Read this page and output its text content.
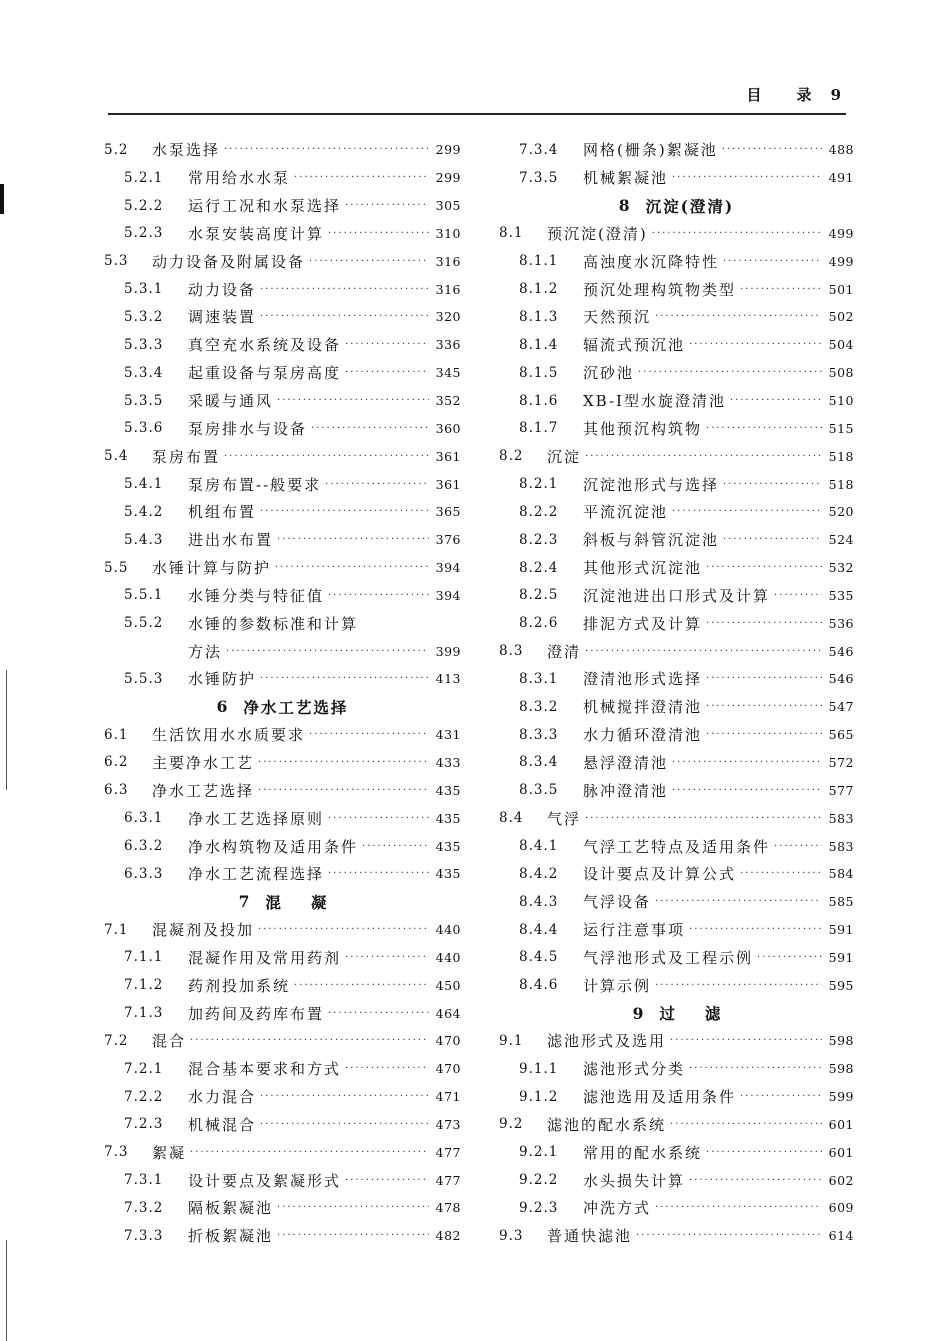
目 录 9
5.2	水泵选择 ·····	299
5.2.1	常用给水水泵 ·····	299
5.2.2	运行工况和水泵选择 ·····	305
5.2.3	水泵安装高度计算 ·····	310
5.3	动力设备及附属设备 ·····	316
5.3.1	动力设备 ·····	316
5.3.2	调速装置 ·····	320
5.3.3	真空充水系统及设备 ·····	336
5.3.4	起重设备与泵房高度 ·····	345
5.3.5	采暖与通风 ·····	352
5.3.6	泵房排水与设备 ·····	360
5.4	泵房布置 ·····	361
5.4.1	泵房布置--般要求 ·····	361
5.4.2	机组布置 ·····	365
5.4.3	进出水布置 ·····	376
5.5	水锤计算与防护 ·····	394
5.5.1	水锤分类与特征值 ·····	394
5.5.2	水锤的参数标准和计算
方法 ·····	399
5.5.3	水锤防护 ·····	413
6 净水工艺选择
6.1	生活饮用水水质要求 ·····	431
6.2	主要净水工艺 ·····	433
6.3	净水工艺选择 ·····	435
6.3.1	净水工艺选择原则 ·····	435
6.3.2	净水构筑物及适用条件 ·····	435
6.3.3	净水工艺流程选择 ·····	435
7 混凝
7.1	混凝剂及投加 ·····	440
7.1.1	混凝作用及常用药剂 ·····	440
7.1.2	药剂投加系统 ·····	450
7.1.3	加药间及药库布置 ·····	464
7.2	混合 ·····	470
7.2.1	混合基本要求和方式 ·····	470
7.2.2	水力混合 ·····	471
7.2.3	机械混合 ·····	473
7.3	絮凝 ·····	477
7.3.1	设计要点及絮凝形式 ·····	477
7.3.2	隔板絮凝池 ·····	478
7.3.3	折板絮凝池 ·····	482
7.3.4	网格(栅条)絮凝池 ·····	488
7.3.5	机械絮凝池 ·····	491
8 沉淀(澄清)
8.1	预沉淀(澄清) ·····	499
8.1.1	高浊度水沉降特性 ·····	499
8.1.2	预沉处理构筑物类型 ·····	501
8.1.3	天然预沉 ·····	502
8.1.4	辐流式预沉池 ·····	504
8.1.5	沉砂池 ·····	508
8.1.6	XB-Ⅰ型水旋澄清池 ·····	510
8.1.7	其他预沉构筑物 ·····	515
8.2	沉淀 ·····	518
8.2.1	沉淀池形式与选择 ·····	518
8.2.2	平流沉淀池 ·····	520
8.2.3	斜板与斜管沉淀池 ·····	524
8.2.4	其他形式沉淀池 ·····	532
8.2.5	沉淀池进出口形式及计算 ·····	535
8.2.6	排泥方式及计算 ·····	536
8.3	澄清 ·····	546
8.3.1	澄清池形式选择 ·····	546
8.3.2	机械搅拌澄清池 ·····	547
8.3.3	水力循环澄清池 ·····	565
8.3.4	悬浮澄清池 ·····	572
8.3.5	脉冲澄清池 ·····	577
8.4	气浮 ·····	583
8.4.1	气浮工艺特点及适用条件 ·····	583
8.4.2	设计要点及计算公式 ·····	584
8.4.3	气浮设备 ·····	585
8.4.4	运行注意事项 ·····	591
8.4.5	气浮池形式及工程示例 ·····	591
8.4.6	计算示例 ·····	595
9 过滤
9.1	滤池形式及选用 ·····	598
9.1.1	滤池形式分类 ·····	598
9.1.2	滤池选用及适用条件 ·····	599
9.2	滤池的配水系统 ·····	601
9.2.1	常用的配水系统 ·····	601
9.2.2	水头损失计算 ·····	602
9.2.3	冲洗方式 ·····	609
9.3	普通快滤池 ·····	614
